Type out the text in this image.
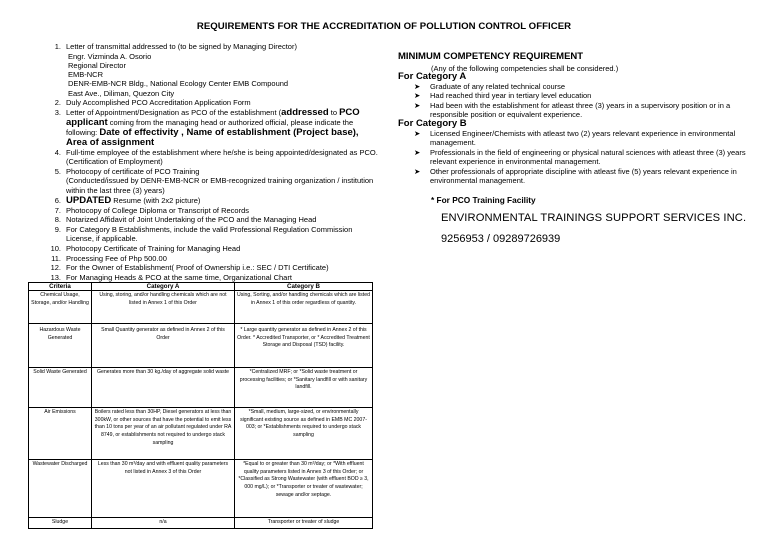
REQUIREMENTS FOR THE ACCREDITATION OF POLLUTION CONTROL OFFICER
1. Letter of transmittal addressed to (to be signed by Managing Director)
Engr. Vizminda A. Osorio
Regional Director
EMB-NCR
DENR-EMB-NCR Bldg., National Ecology Center EMB Compound
East Ave., Diliman, Quezon City
2. Duly Accomplished PCO Accreditation Application Form
3. Letter of Appointment/Designation as PCO of the establishment (addressed to PCO applicant coming from the managing head or authorized official, please indicate the following: Date of effectivity , Name of establishment (Project base), Area of assignment
4. Full-time employee of the establishment where he/she is being appointed/designated as PCO. (Certification of Employment)
5. Photocopy of certificate of PCO Training
(Conducted/issued by DENR-EMB-NCR or EMB-recognized training organization / institution within the last three (3) years)
6. UPDATED Resume (with 2x2 picture)
7. Photocopy of College Diploma or Transcript of Records
8. Notarized Affidavit of Joint Undertaking of the PCO and the Managing Head
9. For Category B Establishments, include the valid Professional Regulation Commission License, if applicable.
10. Photocopy Certificate of Training for Managing Head
11. Processing Fee of Php 500.00
12. For the Owner of Establishment( Proof of Ownership i.e.: SEC / DTI Certificate)
13. For Managing Heads & PCO at the same time, Organizational Chart
MINIMUM COMPETENCY REQUIREMENT
(Any of the following competencies shall be considered.)
For Category A
➤ Graduate of any related technical course
➤ Had reached third year in tertiary level education
➤ Had been with the establishment for atleast three (3) years in a supervisory position or in a responsible position or equivalent experience.
For Category B
➤ Licensed Engineer/Chemists with atleast two (2) years relevant experience in environmental management.
➤ Professionals in the field of engineering or physical natural sciences with atleast three (3) years relevant experience in environmental management.
➤ Other professionals of appropriate discipline with atleast five (5) years relevant experience in environmental management.
* For PCO Training Facility
ENVIRONMENTAL TRAININGS SUPPORT SERVICES INC.
9256953 / 09289726939
Criteria	Category A	Category B
Chemical Usage, Storage, and/or Handling	Using, storing, and/or handling chemicals which are not listed in Annex 1 of this Order	Using, Sorting, and/or handling chemicals which are listed in Annex 1 of this order regardless of quantity.
Hazardous Waste Generated	Small Quantity generator as defined in Annex 2 of this Order	* Large quantity generator as defined in Annex 2 of this Order. * Accredited Transporter, or * Accredited Treatment Storage and Disposal (TSD) facility.
Solid Waste Generated	Generates more than 30 kg./day of aggregate solid waste	*Centralized MRF; or *Solid waste treatment or processing facilities; or *Sanitary landfill or with sanitary landfill.
Air Emissions	Boilers rated less than 30HP, Diesel generators at less than 300kW, or other sources that have the potential to emit less than 10 tons per year of an air pollutant regulated under RA 8749, or establishments not required to undergo stack sampling	*Small, medium, large-sized, or environmentally significant existing source as defined in EMB MC 2007-003; or *Establishments required to undergo stack sampling
Wastewater Discharged	Less than 30 m³/day and with effluent quality parameters not listed in Annex 3 of this Order	*Equal to or greater than 30 m³/day; or *With effluent quality parameters listed in Annex 3 of this Order; or *Classified as Strong Wastewater (with effluent BOD ≥ 3, 000 mg/L); or *Transporter or treater of wastewater; sewage and/or septage.
Sludge	n/a	Transporter or treater of sludge
